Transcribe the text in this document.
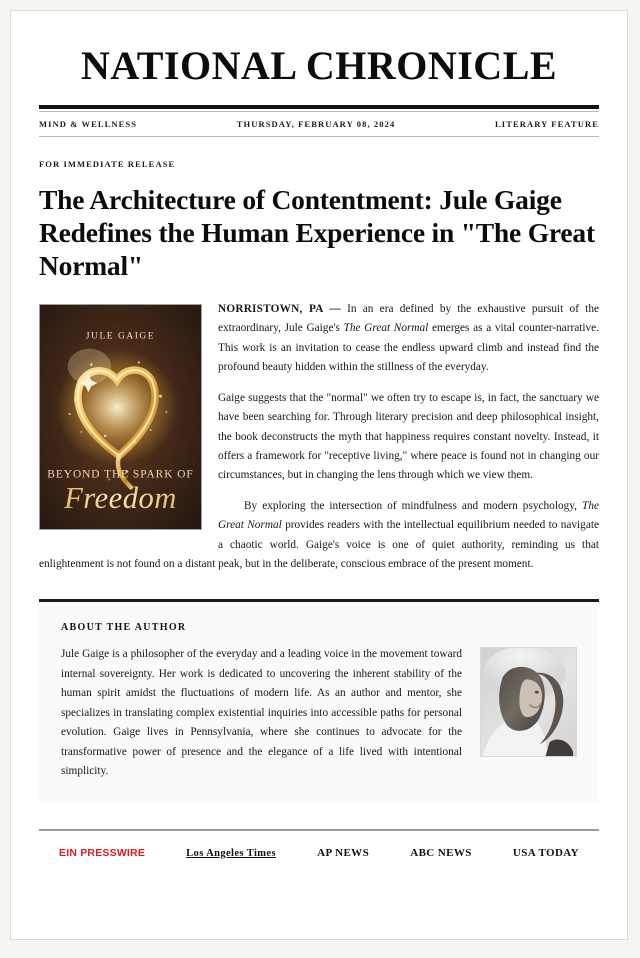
NATIONAL CHRONICLE
MIND & WELLNESS	THURSDAY, FEBRUARY 08, 2024	LITERARY FEATURE
FOR IMMEDIATE RELEASE
The Architecture of Contentment: Jule Gaige Redefines the Human Experience in "The Great Normal"
JULE GAIGE
BEYOND THE SPARK OF
Freedom

NORRISTOWN, PA — In an era defined by the exhaustive pursuit of the extraordinary, Jule Gaige's The Great Normal emerges as a vital counter-narrative. This work is an invitation to cease the endless upward climb and instead find the profound beauty hidden within the stillness of the everyday.

Gaige suggests that the "normal" we often try to escape is, in fact, the sanctuary we have been searching for. Through literary precision and deep philosophical insight, the book deconstructs the myth that happiness requires constant novelty. Instead, it offers a framework for "receptive living," where peace is found not in changing our circumstances, but in changing the lens through which we view them.

By exploring the intersection of mindfulness and modern psychology, The Great Normal provides readers with the intellectual equilibrium needed to navigate a chaotic world. Gaige's voice is one of quiet authority, reminding us that enlightenment is not found on a distant peak, but in the deliberate, conscious embrace of the present moment.

ABOUT THE AUTHOR

Jule Gaige is a philosopher of the everyday and a leading voice in the movement toward internal sovereignty. Her work is dedicated to uncovering the inherent stability of the human spirit amidst the fluctuations of modern life. As an author and mentor, she specializes in translating complex existential inquiries into accessible paths for personal evolution. Gaige lives in Pennsylvania, where she continues to advocate for the transformative power of presence and the elegance of a life lived with intentional simplicity.

EIN PRESSWIRE	Los Angeles Times	AP NEWS	ABC NEWS	USA TODAY
